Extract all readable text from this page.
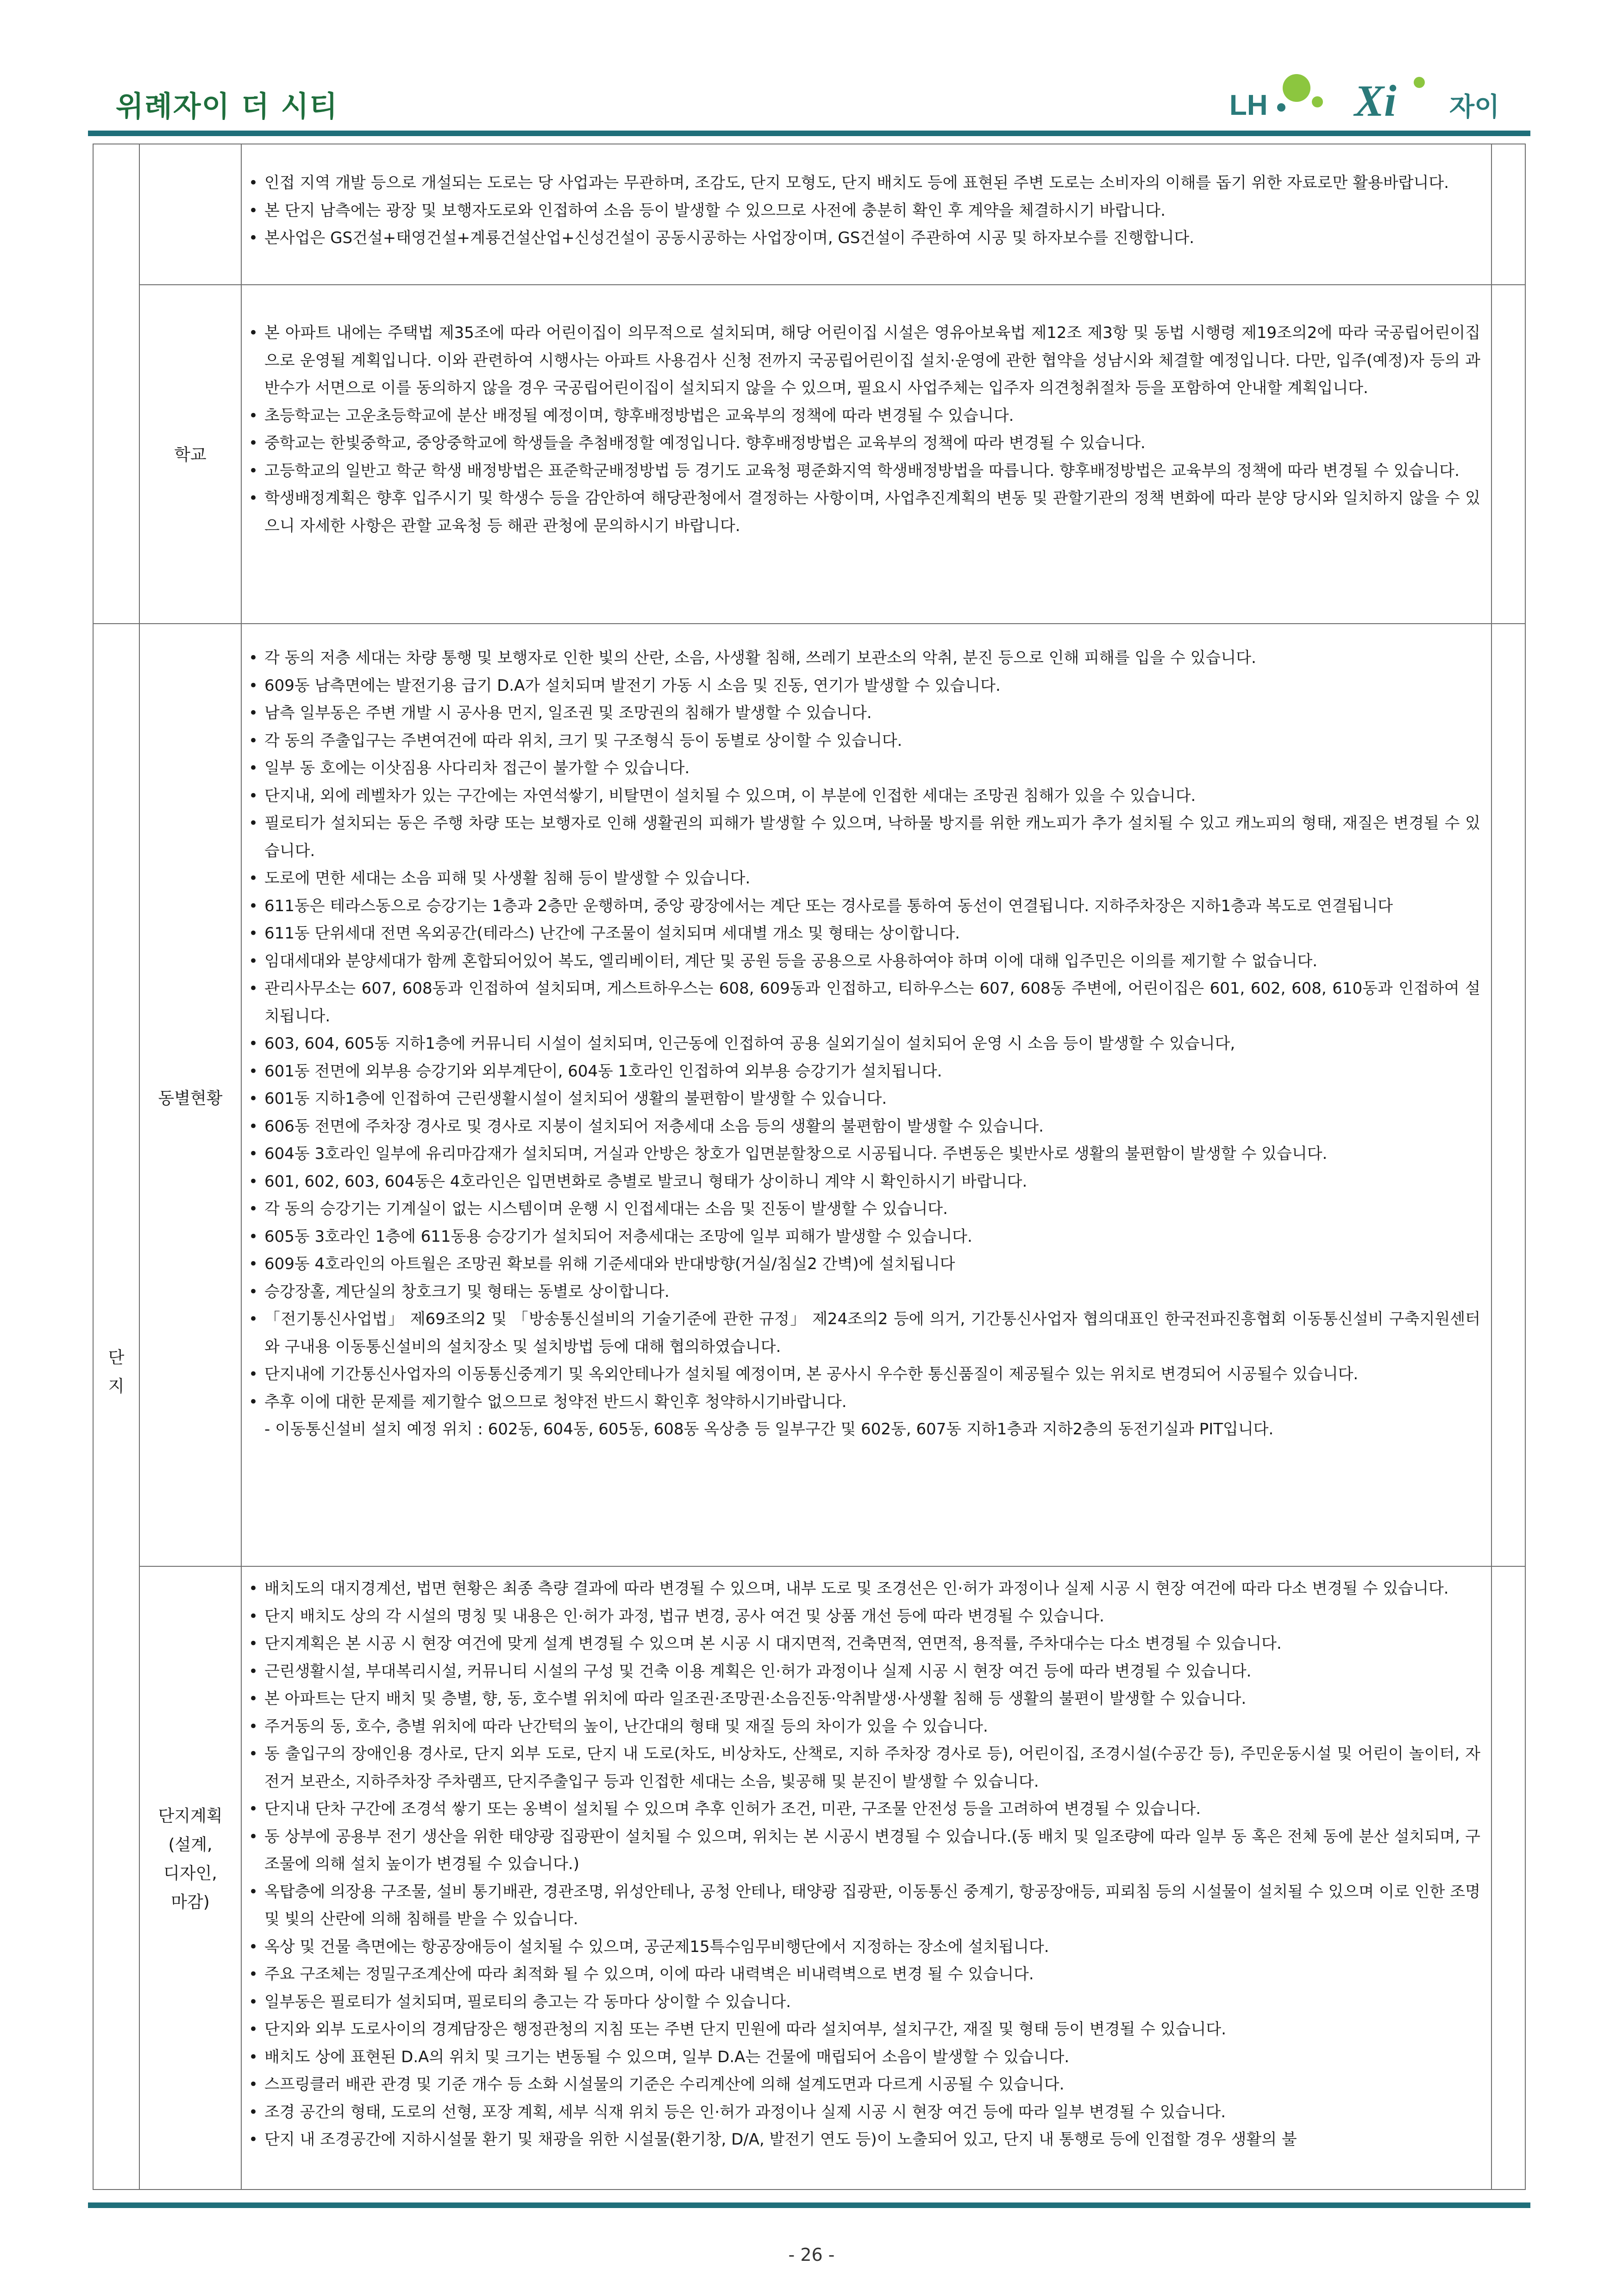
위례자이 더 시티	LH Xi 자이
단
지
학교
동별현황
단지계획
(설계,
디자인,
마감)
• 인접 지역 개발 등으로 개설되는 도로는 당 사업과는 무관하며, 조감도, 단지 모형도, 단지 배치도 등에 표현된 주변 도로는 소비자의 이해를 돕기 위한 자료로만 활용바랍니다.
• 본 단지 남측에는 광장 및 보행자도로와 인접하여 소음 등이 발생할 수 있으므로 사전에 충분히 확인 후 계약을 체결하시기 바랍니다.
• 본사업은 GS건설+태영건설+계룡건설산업+신성건설이 공동시공하는 사업장이며, GS건설이 주관하여 시공 및 하자보수를 진행합니다.
• 본 아파트 내에는 주택법 제35조에 따라 어린이집이 의무적으로 설치되며, 해당 어린이집 시설은 영유아보육법 제12조 제3항 및 동법 시행령 제19조의2에 따라 국공립어린이집으로 운영될 계획입니다. 이와 관련하여 시행사는 아파트 사용검사 신청 전까지 국공립어린이집 설치·운영에 관한 협약을 성남시와 체결할 예정입니다. 다만, 입주(예정)자 등의 과반수가 서면으로 이를 동의하지 않을 경우 국공립어린이집이 설치되지 않을 수 있으며, 필요시 사업주체는 입주자 의견청취절차 등을 포함하여 안내할 계획입니다.
• 초등학교는 고운초등학교에 분산 배정될 예정이며, 향후배정방법은 교육부의 정책에 따라 변경될 수 있습니다.
• 중학교는 한빛중학교, 중앙중학교에 학생들을 추첨배정할 예정입니다. 향후배정방법은 교육부의 정책에 따라 변경될 수 있습니다.
• 고등학교의 일반고 학군 학생 배정방법은 표준학군배정방법 등 경기도 교육청 평준화지역 학생배정방법을 따릅니다. 향후배정방법은 교육부의 정책에 따라 변경될 수 있습니다.
• 학생배정계획은 향후 입주시기 및 학생수 등을 감안하여 해당관청에서 결정하는 사항이며, 사업추진계획의 변동 및 관할기관의 정책 변화에 따라 분양 당시와 일치하지 않을 수 있으니 자세한 사항은 관할 교육청 등 해관 관청에 문의하시기 바랍니다.
• 각 동의 저층 세대는 차량 통행 및 보행자로 인한 빛의 산란, 소음, 사생활 침해, 쓰레기 보관소의 악취, 분진 등으로 인해 피해를 입을 수 있습니다.
• 609동 남측면에는 발전기용 급기 D.A가 설치되며 발전기 가동 시 소음 및 진동, 연기가 발생할 수 있습니다.
• 남측 일부동은 주변 개발 시 공사용 먼지, 일조권 및 조망권의 침해가 발생할 수 있습니다.
• 각 동의 주출입구는 주변여건에 따라 위치, 크기 및 구조형식 등이 동별로 상이할 수 있습니다.
• 일부 동 호에는 이삿짐용 사다리차 접근이 불가할 수 있습니다.
• 단지내, 외에 레벨차가 있는 구간에는 자연석쌓기, 비탈면이 설치될 수 있으며, 이 부분에 인접한 세대는 조망권 침해가 있을 수 있습니다.
• 필로티가 설치되는 동은 주행 차량 또는 보행자로 인해 생활권의 피해가 발생할 수 있으며, 낙하물 방지를 위한 캐노피가 추가 설치될 수 있고 캐노피의 형태, 재질은 변경될 수 있습니다.
• 도로에 면한 세대는 소음 피해 및 사생활 침해 등이 발생할 수 있습니다.
• 611동은 테라스동으로 승강기는 1층과 2층만 운행하며, 중앙 광장에서는 계단 또는 경사로를 통하여 동선이 연결됩니다. 지하주차장은 지하1층과 복도로 연결됩니다
• 611동 단위세대 전면 옥외공간(테라스) 난간에 구조물이 설치되며 세대별 개소 및 형태는 상이합니다.
• 임대세대와 분양세대가 함께 혼합되어있어 복도, 엘리베이터, 계단 및 공원 등을 공용으로 사용하여야 하며 이에 대해 입주민은 이의를 제기할 수 없습니다.
• 관리사무소는 607, 608동과 인접하여 설치되며, 게스트하우스는 608, 609동과 인접하고, 티하우스는 607, 608동 주변에, 어린이집은 601, 602, 608, 610동과 인접하여 설치됩니다.
• 603, 604, 605동 지하1층에 커뮤니티 시설이 설치되며, 인근동에 인접하여 공용 실외기실이 설치되어 운영 시 소음 등이 발생할 수 있습니다,
• 601동 전면에 외부용 승강기와 외부계단이, 604동 1호라인 인접하여 외부용 승강기가 설치됩니다.
• 601동 지하1층에 인접하여 근린생활시설이 설치되어 생활의 불편함이 발생할 수 있습니다.
• 606동 전면에 주차장 경사로 및 경사로 지붕이 설치되어 저층세대 소음 등의 생활의 불편함이 발생할 수 있습니다.
• 604동 3호라인 일부에 유리마감재가 설치되며, 거실과 안방은 창호가 입면분할창으로 시공됩니다. 주변동은 빛반사로 생활의 불편함이 발생할 수 있습니다.
• 601, 602, 603, 604동은 4호라인은 입면변화로 층별로 발코니 형태가 상이하니 계약 시 확인하시기 바랍니다.
• 각 동의 승강기는 기계실이 없는 시스템이며 운행 시 인접세대는 소음 및 진동이 발생할 수 있습니다.
• 605동 3호라인 1층에 611동용 승강기가 설치되어 저층세대는 조망에 일부 피해가 발생할 수 있습니다.
• 609동 4호라인의 아트월은 조망권 확보를 위해 기준세대와 반대방향(거실/침실2 간벽)에 설치됩니다
• 승강장홀, 계단실의 창호크기 및 형태는 동별로 상이합니다.
• 「전기통신사업법」 제69조의2 및 「방송통신설비의 기술기준에 관한 규정」 제24조의2 등에 의거, 기간통신사업자 협의대표인 한국전파진흥협회 이동통신설비 구축지원센터와 구내용 이동통신설비의 설치장소 및 설치방법 등에 대해 협의하였습니다.
• 단지내에 기간통신사업자의 이동통신중계기 및 옥외안테나가 설치될 예정이며, 본 공사시 우수한 통신품질이 제공될수 있는 위치로 변경되어 시공될수 있습니다.
• 추후 이에 대한 문제를 제기할수 없으므로 청약전 반드시 확인후 청약하시기바랍니다.
- 이동통신설비 설치 예정 위치 : 602동, 604동, 605동, 608동 옥상층 등 일부구간 및 602동, 607동 지하1층과 지하2층의 동전기실과 PIT입니다.
• 배치도의 대지경계선, 법면 현황은 최종 측량 결과에 따라 변경될 수 있으며, 내부 도로 및 조경선은 인·허가 과정이나 실제 시공 시 현장 여건에 따라 다소 변경될 수 있습니다.
• 단지 배치도 상의 각 시설의 명칭 및 내용은 인·허가 과정, 법규 변경, 공사 여건 및 상품 개선 등에 따라 변경될 수 있습니다.
• 단지계획은 본 시공 시 현장 여건에 맞게 설계 변경될 수 있으며 본 시공 시 대지면적, 건축면적, 연면적, 용적률, 주차대수는 다소 변경될 수 있습니다.
• 근린생활시설, 부대복리시설, 커뮤니티 시설의 구성 및 건축 이용 계획은 인·허가 과정이나 실제 시공 시 현장 여건 등에 따라 변경될 수 있습니다.
• 본 아파트는 단지 배치 및 층별, 향, 동, 호수별 위치에 따라 일조권·조망권·소음진동·악취발생·사생활 침해 등 생활의 불편이 발생할 수 있습니다.
• 주거동의 동, 호수, 층별 위치에 따라 난간턱의 높이, 난간대의 형태 및 재질 등의 차이가 있을 수 있습니다.
• 동 출입구의 장애인용 경사로, 단지 외부 도로, 단지 내 도로(차도, 비상차도, 산책로, 지하 주차장 경사로 등), 어린이집, 조경시설(수공간 등), 주민운동시설 및 어린이 놀이터, 자전거 보관소, 지하주차장 주차램프, 단지주출입구 등과 인접한 세대는 소음, 빛공해 및 분진이 발생할 수 있습니다.
• 단지내 단차 구간에 조경석 쌓기 또는 옹벽이 설치될 수 있으며 추후 인허가 조건, 미관, 구조물 안전성 등을 고려하여 변경될 수 있습니다.
• 동 상부에 공용부 전기 생산을 위한 태양광 집광판이 설치될 수 있으며, 위치는 본 시공시 변경될 수 있습니다.(동 배치 및 일조량에 따라 일부 동 혹은 전체 동에 분산 설치되며, 구조물에 의해 설치 높이가 변경될 수 있습니다.)
• 옥탑층에 의장용 구조물, 설비 통기배관, 경관조명, 위성안테나, 공청 안테나, 태양광 집광판, 이동통신 중계기, 항공장애등, 피뢰침 등의 시설물이 설치될 수 있으며 이로 인한 조명 및 빛의 산란에 의해 침해를 받을 수 있습니다.
• 옥상 및 건물 측면에는 항공장애등이 설치될 수 있으며, 공군제15특수임무비행단에서 지정하는 장소에 설치됩니다.
• 주요 구조체는 정밀구조계산에 따라 최적화 될 수 있으며, 이에 따라 내력벽은 비내력벽으로 변경 될 수 있습니다.
• 일부동은 필로티가 설치되며, 필로티의 층고는 각 동마다 상이할 수 있습니다.
• 단지와 외부 도로사이의 경계담장은 행정관청의 지침 또는 주변 단지 민원에 따라 설치여부, 설치구간, 재질 및 형태 등이 변경될 수 있습니다.
• 배치도 상에 표현된 D.A의 위치 및 크기는 변동될 수 있으며, 일부 D.A는 건물에 매립되어 소음이 발생할 수 있습니다.
• 스프링클러 배관 관경 및 기준 개수 등 소화 시설물의 기준은 수리계산에 의해 설계도면과 다르게 시공될 수 있습니다.
• 조경 공간의 형태, 도로의 선형, 포장 계획, 세부 식재 위치 등은 인·허가 과정이나 실제 시공 시 현장 여건 등에 따라 일부 변경될 수 있습니다.
• 단지 내 조경공간에 지하시설물 환기 및 채광을 위한 시설물(환기창, D/A, 발전기 연도 등)이 노출되어 있고, 단지 내 통행로 등에 인접할 경우 생활의 불
- 26 -
